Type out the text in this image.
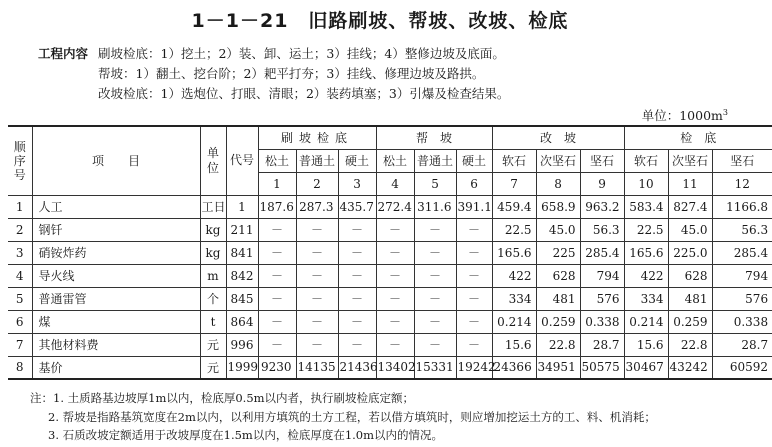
1－1－21　旧路刷坡、帮坡、改坡、检底
工程内容 刷坡检底：1）挖土；2）装、卸、运土；3）挂线；4）整修边坡及底面。
帮坡：1）翻土、挖台阶；2）耙平打夯；3）挂线、修理边坡及路拱。
改坡检底：1）选炮位、打眼、清眼；2）装药填塞；3）引爆及检查结果。
单位：$1000m^3$
顺序号	项　　目	单位	代号	刷坡检底			帮　坡			改　坡			检　底		
				松土	普通土	硬土	松土	普通土	硬土	软石	次坚石	坚石	软石	次坚石	坚石
				1	2	3	4	5	6	7	8	9	10	11	12
1	人工	工日	1	187.6	287.3	435.7	272.4	311.6	391.1	459.4	658.9	963.2	583.4	827.4	1166.8
2	钢钎	kg	211	－	－	－	－	－	－	22.5	45.0	56.3	22.5	45.0	56.3
3	硝铵炸药	kg	841	－	－	－	－	－	－	165.6	225	285.4	165.6	225.0	285.4
4	导火线	m	842	－	－	－	－	－	－	422	628	794	422	628	794
5	普通雷管	个	845	－	－	－	－	－	－	334	481	576	334	481	576
6	煤	t	864	－	－	－	－	－	－	0.214	0.259	0.338	0.214	0.259	0.338
7	其他材料费	元	996	－	－	－	－	－	－	15.6	22.8	28.7	15.6	22.8	28.7
8	基价	元	1999	9230	14135	21436	13402	15331	19242	24366	34951	50575	30467	43242	60592
注：1. 土质路基边坡厚1m以内，检底厚0.5m以内者，执行刷坡检底定额；
2. 帮坡是指路基筑宽度在2m以内，以利用方填筑的土方工程，若以借方填筑时，则应增加挖运土方的工、料、机消耗；
3. 石质改坡定额适用于改坡厚度在1.5m以内，检底厚度在1.0m以内的情况。
